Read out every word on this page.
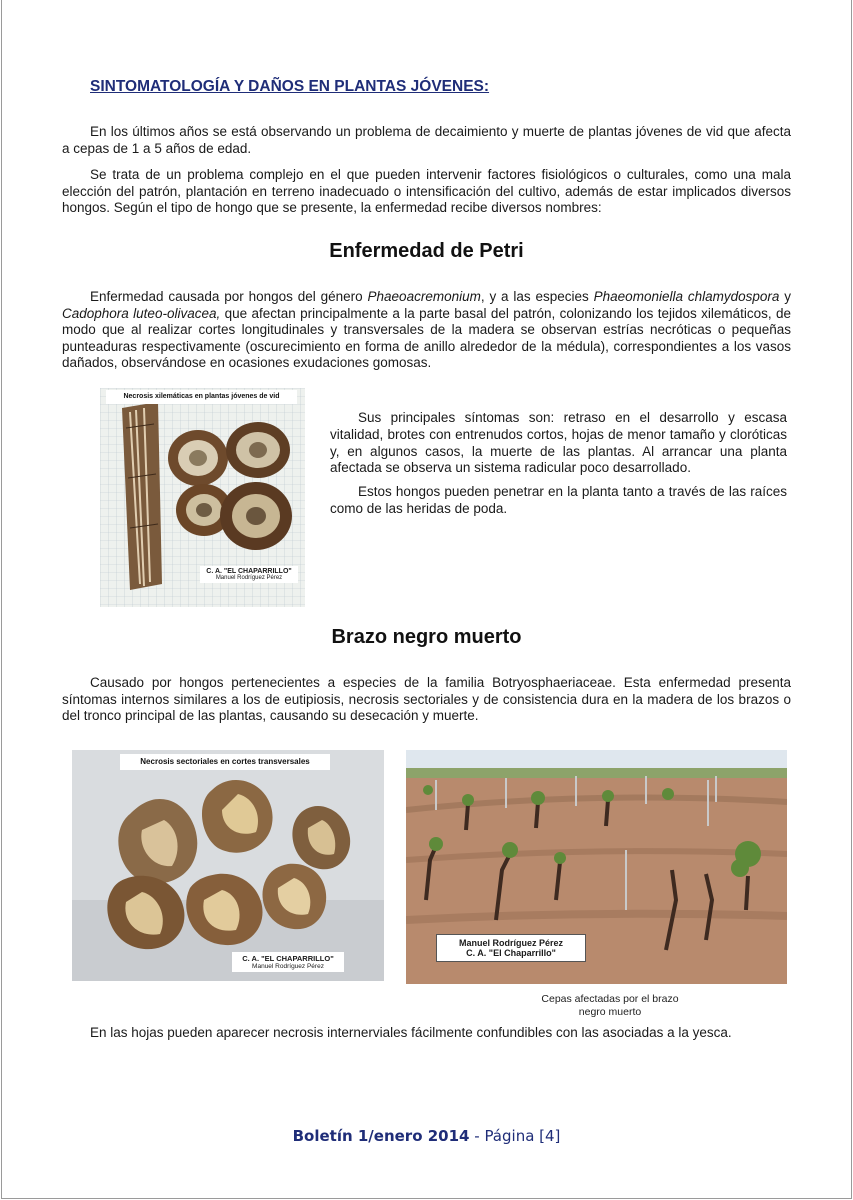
SINTOMATOLOGÍA Y DAÑOS EN PLANTAS JÓVENES:

En los últimos años se está observando un problema de decaimiento y muerte de plantas jóvenes de vid que afecta a cepas de 1 a 5 años de edad.

Se trata de un problema complejo en el que pueden intervenir factores fisiológicos o culturales, como una mala elección del patrón, plantación en terreno inadecuado o intensificación del cultivo, además de estar implicados diversos hongos. Según el tipo de hongo que se presente, la enfermedad recibe diversos nombres:

Enfermedad de Petri

Enfermedad causada por hongos del género Phaeoacremonium, y a las especies Phaeomoniella chlamydospora y Cadophora luteo-olivacea, que afectan principalmente a la parte basal del patrón, colonizando los tejidos xilemáticos, de modo que al realizar cortes longitudinales y transversales de la madera se observan estrías necróticas o pequeñas punteaduras respectivamente (oscurecimiento en forma de anillo alrededor de la médula), correspondientes a los vasos dañados, observándose en ocasiones exudaciones gomosas.

Necrosis xilemáticas en plantas jóvenes de vid
C. A. "EL CHAPARRILLO"
Manuel Rodríguez Pérez

Sus principales síntomas son: retraso en el desarrollo y escasa vitalidad, brotes con entrenudos cortos, hojas de menor tamaño y cloróticas y, en algunos casos, la muerte de las plantas. Al arrancar una planta afectada se observa un sistema radicular poco desarrollado.

Estos hongos pueden penetrar en la planta tanto a través de las raíces como de las heridas de poda.

Brazo negro muerto

Causado por hongos pertenecientes a especies de la familia Botryosphaeriaceae. Esta enfermedad presenta síntomas internos similares a los de eutipiosis, necrosis sectoriales y de consistencia dura en la madera de los brazos o del tronco principal de las plantas, causando su desecación y muerte.

Necrosis sectoriales en cortes transversales
C. A. "EL CHAPARRILLO"
Manuel Rodríguez Pérez
Manuel Rodríguez Pérez
C. A. "El Chaparrillo"

Cepas afectadas por el brazo
negro muerto

En las hojas pueden aparecer necrosis internerviales fácilmente confundibles con las asociadas a la yesca.

Boletín 1/enero 2014 - Página [4]
